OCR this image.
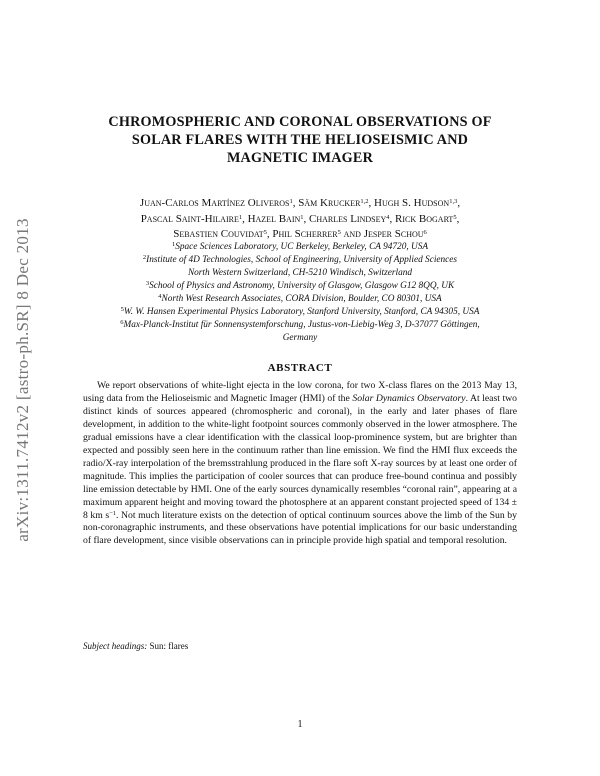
arXiv:1311.7412v2 [astro-ph.SR] 8 Dec 2013
CHROMOSPHERIC AND CORONAL OBSERVATIONS OF
SOLAR FLARES WITH THE HELIOSEISMIC AND
MAGNETIC IMAGER
Juan-Carlos Martínez Oliveros$^1$, Säm Krucker$^{1,2}$, Hugh S. Hudson$^{1,3}$,
Pascal Saint-Hilaire$^1$, Hazel Bain$^1$, Charles Lindsey$^4$, Rick Bogart$^5$,
Sebastien Couvidat$^5$, Phil Scherrer$^5$ and Jesper Schou$^6$
$^1$Space Sciences Laboratory, UC Berkeley, Berkeley, CA 94720, USA
$^2$Institute of 4D Technologies, School of Engineering, University of Applied Sciences
North Western Switzerland, CH-5210 Windisch, Switzerland
$^3$School of Physics and Astronomy, University of Glasgow, Glasgow G12 8QQ, UK
$^4$North West Research Associates, CORA Division, Boulder, CO 80301, USA
$^5$W. W. Hansen Experimental Physics Laboratory, Stanford University, Stanford, CA 94305, USA
$^6$Max-Planck-Institut für Sonnensystemforschung, Justus-von-Liebig-Weg 3, D-37077 Göttingen,
Germany
ABSTRACT

We report observations of white-light ejecta in the low corona, for two X-class flares on the 2013 May 13, using data from the Helioseismic and Magnetic Imager (HMI) of the Solar Dynamics Observatory. At least two distinct kinds of sources appeared (chromospheric and coronal), in the early and later phases of flare development, in addition to the white-light footpoint sources commonly observed in the lower atmosphere. The gradual emissions have a clear identification with the classical loop-prominence system, but are brighter than expected and possibly seen here in the continuum rather than line emission. We find the HMI flux exceeds the radio/X-ray interpolation of the bremsstrahlung produced in the flare soft X-ray sources by at least one order of magnitude. This implies the participation of cooler sources that can produce free-bound continua and possibly line emission detectable by HMI. One of the early sources dynamically resembles “coronal rain”, appearing at a maximum apparent height and moving toward the photosphere at an apparent constant projected speed of 134 ± 8 km $s^{-1}$. Not much literature exists on the detection of optical continuum sources above the limb of the Sun by non-coronagraphic instruments, and these observations have potential implications for our basic understanding of flare development, since visible observations can in principle provide high spatial and temporal resolution.

Subject headings: Sun: flares
1
